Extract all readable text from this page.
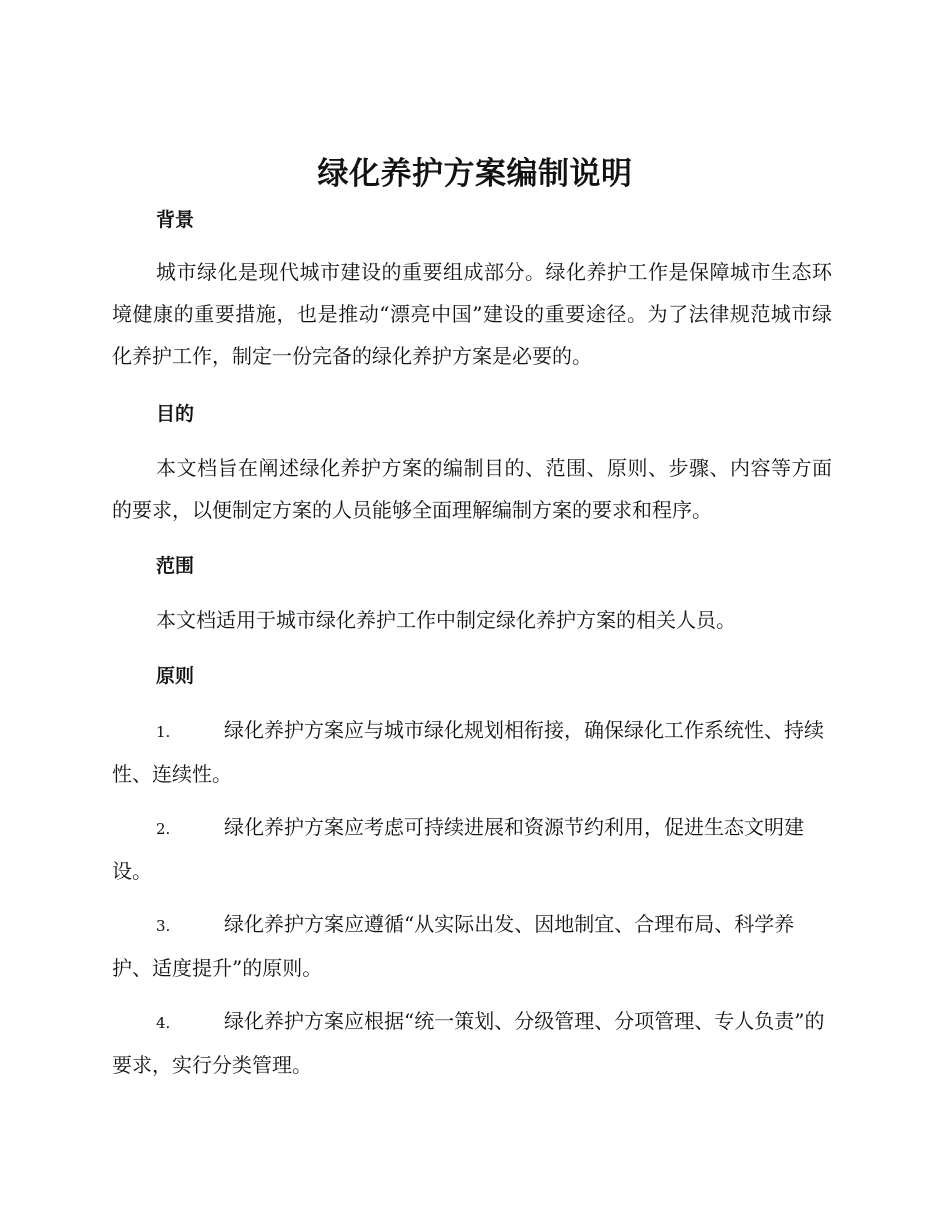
绿化养护方案编制说明
背景

城市绿化是现代城市建设的重要组成部分。绿化养护工作是保障城市生态环境健康的重要措施，也是推动“漂亮中国”建设的重要途径。为了法律规范城市绿化养护工作，制定一份完备的绿化养护方案是必要的。

目的

本文档旨在阐述绿化养护方案的编制目的、范围、原则、步骤、内容等方面的要求，以便制定方案的人员能够全面理解编制方案的要求和程序。

范围

本文档适用于城市绿化养护工作中制定绿化养护方案的相关人员。

原则

1.	绿化养护方案应与城市绿化规划相衔接，确保绿化工作系统性、持续性、连续性。

2.	绿化养护方案应考虑可持续进展和资源节约利用，促进生态文明建设。

3.	绿化养护方案应遵循“从实际出发、因地制宜、合理布局、科学养护、适度提升”的原则。

4.	绿化养护方案应根据“统一策划、分级管理、分项管理、专人负责”的要求，实行分类管理。
